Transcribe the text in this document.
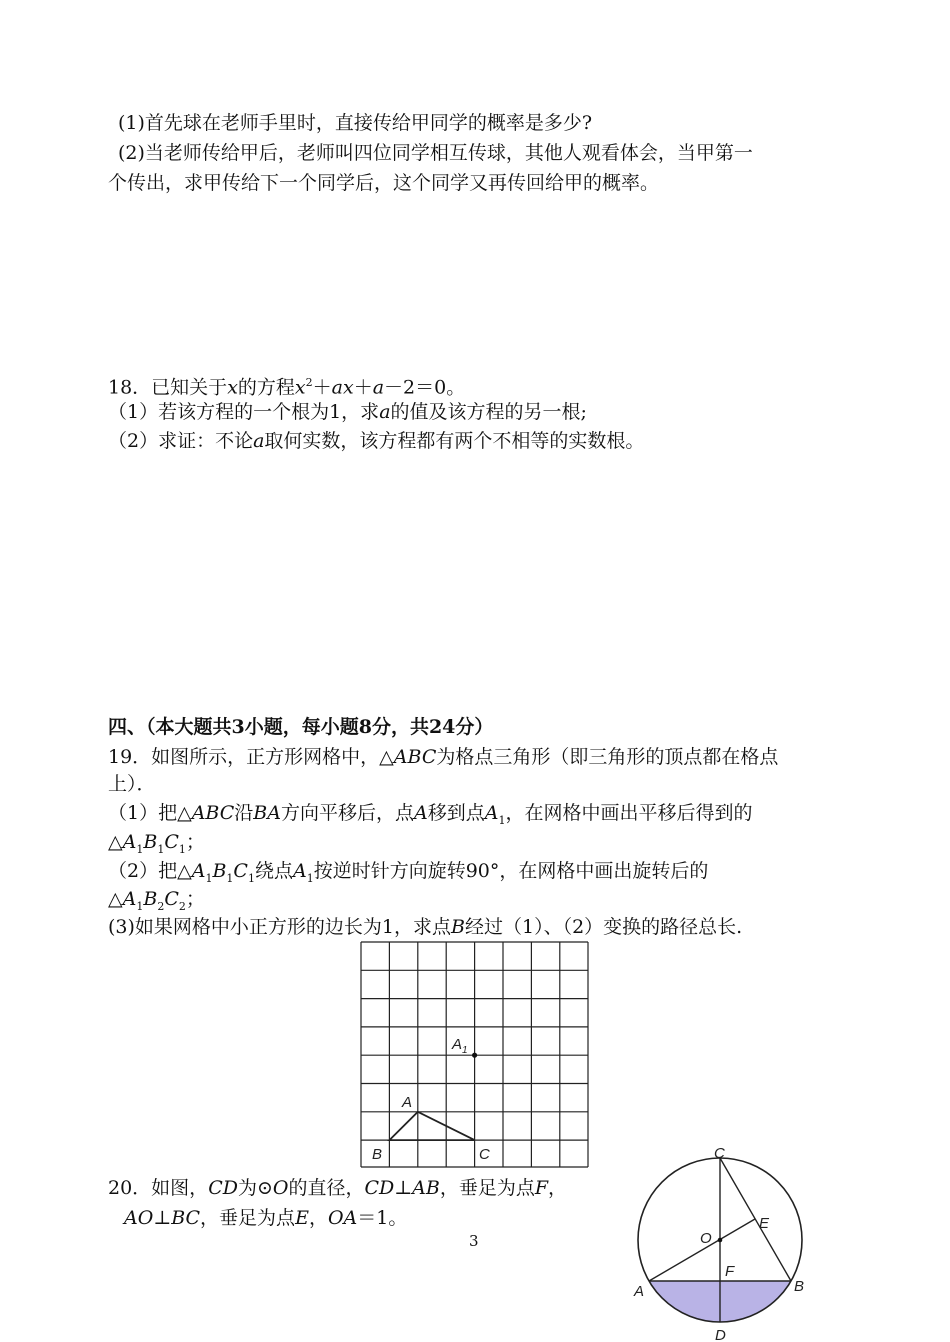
(1)首先球在老师手里时，直接传给甲同学的概率是多少?
(2)当老师传给甲后，老师叫四位同学相互传球，其他人观看体会，当甲第一
个传出，求甲传给下一个同学后，这个同学又再传回给甲的概率。
18．已知关于x的方程$x^2+ax+a-2=0$。
（1）若该方程的一个根为1，求a的值及该方程的另一根;
（2）求证：不论a取何实数，该方程都有两个不相等的实数根。
四、（本大题共3小题，每小题8分，共24分）
19．如图所示，正方形网格中，△ABC为格点三角形（即三角形的顶点都在格点
上）．
（1）把△ABC沿BA方向平移后，点A移到点$A_1$，在网格中画出平移后得到的
$\triangle A_1B_1C_1$；
（2）把$\triangle A_1B_1C_1$绕点$A_1$按逆时针方向旋转90°，在网格中画出旋转后的
$\triangle A_1B_2C_2$；
(3)如果网格中小正方形的边长为1，求点B经过（1）、（2）变换的路径总长.
$A_1$
A
B	C
20．如图，CD为⊙O的直径，CD⊥AB，垂足为点F，
AO⊥BC，垂足为点E，OA＝1。
C
E
O
F
A	B
D
3
